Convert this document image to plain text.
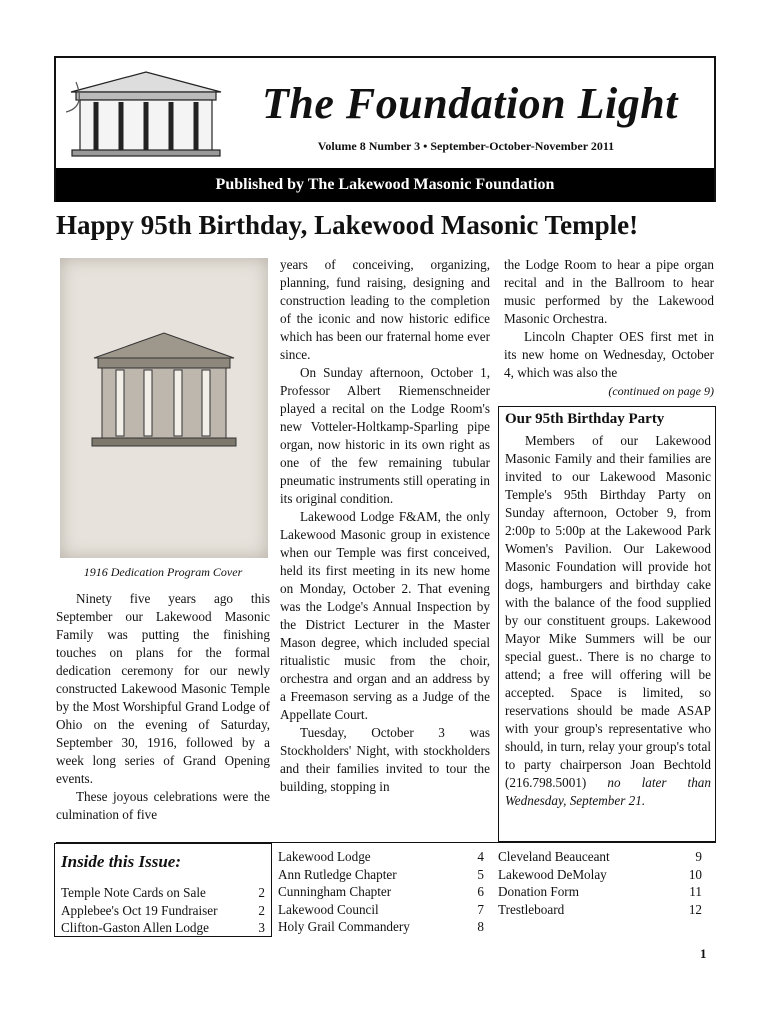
The Foundation Light
Volume 8 Number 3 • September-October-November 2011
Published by The Lakewood Masonic Foundation
Happy 95th Birthday, Lakewood Masonic Temple!
1916 Dedication Program Cover

Ninety five years ago this September our Lakewood Masonic Family was putting the finishing touches on plans for the formal dedication ceremony for our newly constructed Lakewood Masonic Temple by the Most Worshipful Grand Lodge of Ohio on the evening of Saturday, September 30, 1916, followed by a week long series of Grand Opening events.

These joyous celebrations were the culmination of five

years of conceiving, organizing, planning, fund raising, designing and construction leading to the completion of the iconic and now historic edifice which has been our fraternal home ever since.

On Sunday afternoon, October 1, Professor Albert Riemenschneider played a recital on the Lodge Room's new Votteler-Holtkamp-Sparling pipe organ, now historic in its own right as one of the few remaining tubular pneumatic instruments still operating in its original condition.

Lakewood Lodge F&AM, the only Lakewood Masonic group in existence when our Temple was first conceived, held its first meeting in its new home on Monday, October 2. That evening was the Lodge's Annual Inspection by the District Lecturer in the Master Mason degree, which included special ritualistic music from the choir, orchestra and organ and an address by a Freemason serving as a Judge of the Appellate Court.

Tuesday, October 3 was Stockholders' Night, with stockholders and their families invited to tour the building, stopping in

the Lodge Room to hear a pipe organ recital and in the Ballroom to hear music performed by the Lakewood Masonic Orchestra.

Lincoln Chapter OES first met in its new home on Wednesday, October 4, which was also the

(continued on page 9)
Our 95th Birthday Party

Members of our Lakewood Masonic Family and their families are invited to our Lakewood Masonic Temple's 95th Birthday Party on Sunday afternoon, October 9, from 2:00p to 5:00p at the Lakewood Park Women's Pavilion. Our Lakewood Masonic Foundation will provide hot dogs, hamburgers and birthday cake with the balance of the food supplied by our constituent groups. Lakewood Mayor Mike Summers will be our special guest.. There is no charge to attend; a free will offering will be accepted. Space is limited, so reservations should be made ASAP with your group's representative who should, in turn, relay your group's total to party chairperson Joan Bechtold (216.798.5001) no later than Wednesday, September 21.

Inside this Issue:
Temple Note Cards on Sale	2
Applebee's Oct 19 Fundraiser	2
Clifton-Gaston Allen Lodge	3
Lakewood Lodge	4
Ann Rutledge Chapter	5
Cunningham Chapter	6
Lakewood Council	7
Holy Grail Commandery	8
Cleveland Beauceant	9
Lakewood DeMolay	10
Donation Form	11
Trestleboard	12
1
